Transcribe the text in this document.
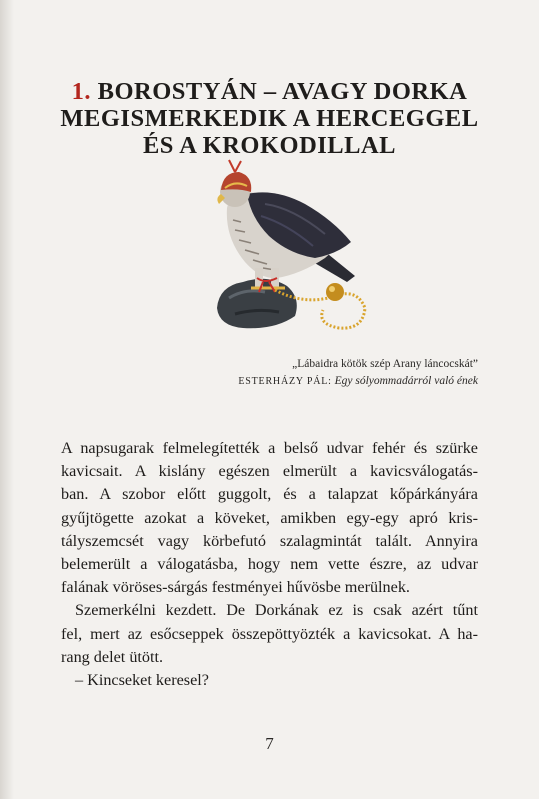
1. BOROSTYÁN – AVAGY DORKA
MEGISMERKEDIK A HERCEGGEL
ÉS A KROKODILLAL
„Lábaidra kötök szép Arany láncocskát”
ESTERHÁZY PÁL: Egy sólyommadárról való ének
A napsugarak felmelegítették a belső udvar fehér és szürke
kavicsait. A kislány egészen elmerült a kavicsválogatás-
ban. A szobor előtt guggolt, és a talapzat kőpárkányára
gyűjtögette azokat a köveket, amikben egy-egy apró kris-
tályszemcsét vagy körbefutó szalagmintát talált. Annyira
belemerült a válogatásba, hogy nem vette észre, az udvar
falának vöröses-sárgás festményei hűvösbe merülnek.
Szemerkélni kezdett. De Dorkának ez is csak azért tűnt
fel, mert az esőcseppek összepöttyözték a kavicsokat. A ha-
rang delet ütött.
– Kincseket keresel?
7
